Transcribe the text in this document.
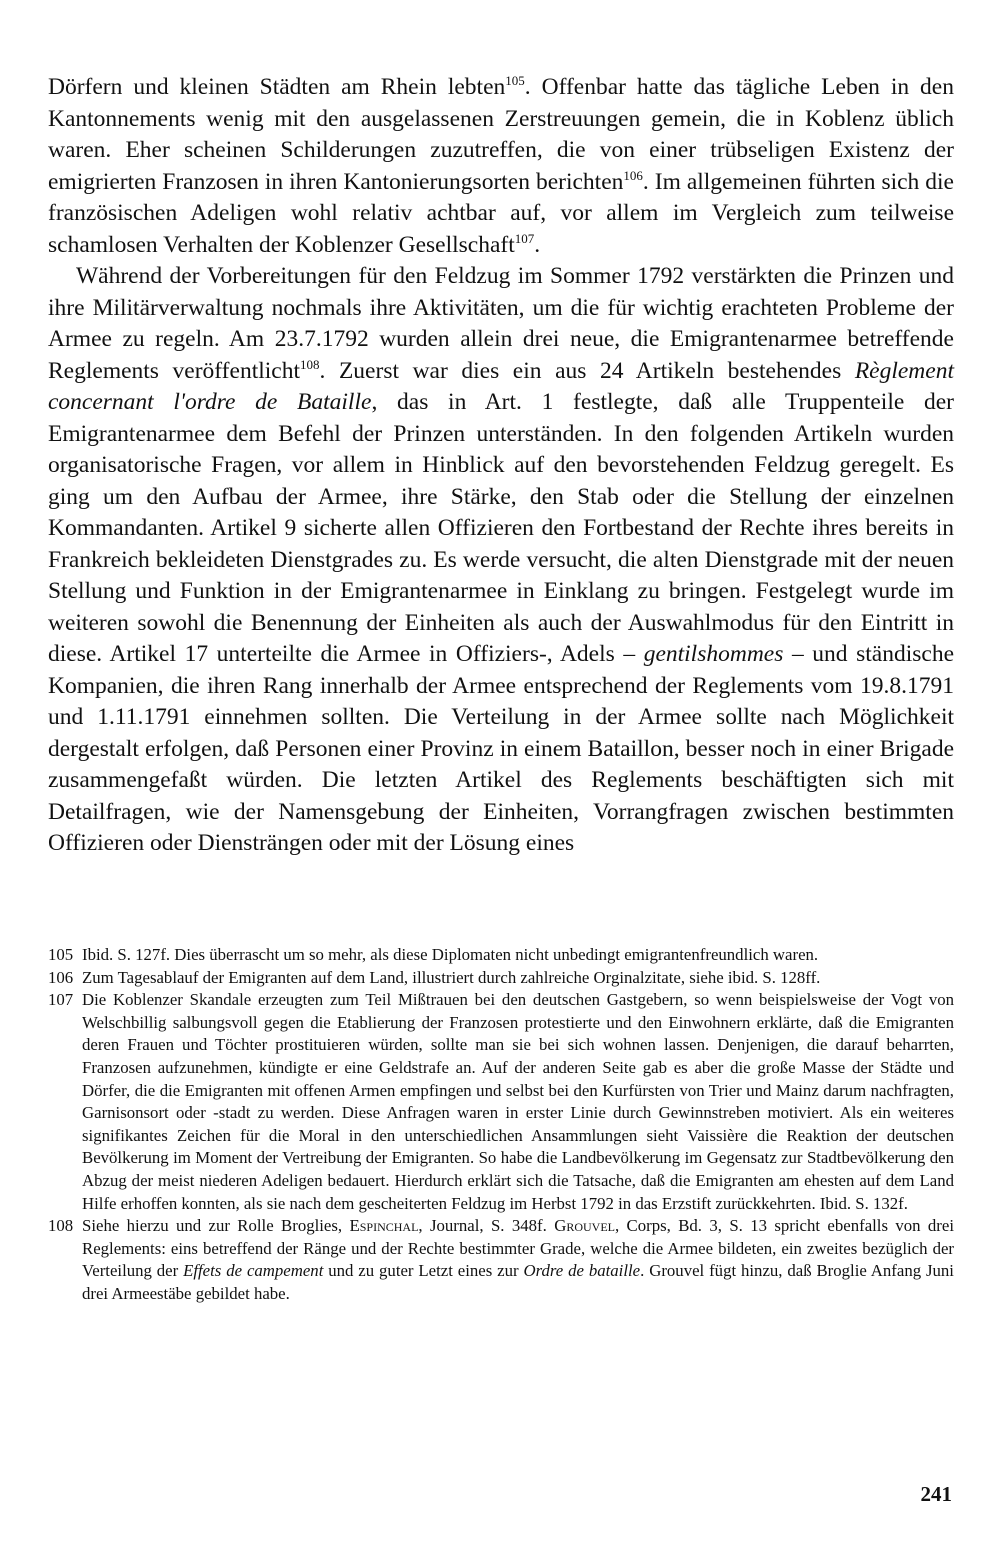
Dörfern und kleinen Städten am Rhein lebten$^{105}$. Offenbar hatte das tägliche Leben in den Kantonnements wenig mit den ausgelassenen Zerstreuungen gemein, die in Koblenz üblich waren. Eher scheinen Schilderungen zuzutreffen, die von einer trübseligen Existenz der emigrierten Franzosen in ihren Kantonierungsorten berichten$^{106}$. Im allgemeinen führten sich die französischen Adeligen wohl relativ achtbar auf, vor allem im Vergleich zum teilweise schamlosen Verhalten der Koblenzer Gesellschaft$^{107}$.

Während der Vorbereitungen für den Feldzug im Sommer 1792 verstärkten die Prinzen und ihre Militärverwaltung nochmals ihre Aktivitäten, um die für wichtig erachteten Probleme der Armee zu regeln. Am 23.7.1792 wurden allein drei neue, die Emigrantenarmee betreffende Reglements veröffentlicht$^{108}$. Zuerst war dies ein aus 24 Artikeln bestehendes Règlement concernant l'ordre de Bataille, das in Art. 1 festlegte, daß alle Truppenteile der Emigrantenarmee dem Befehl der Prinzen unterständen. In den folgenden Artikeln wurden organisatorische Fragen, vor allem in Hinblick auf den bevorstehenden Feldzug geregelt. Es ging um den Aufbau der Armee, ihre Stärke, den Stab oder die Stellung der einzelnen Kommandanten. Artikel 9 sicherte allen Offizieren den Fortbestand der Rechte ihres bereits in Frankreich bekleideten Dienstgrades zu. Es werde versucht, die alten Dienstgrade mit der neuen Stellung und Funktion in der Emigrantenarmee in Einklang zu bringen. Festgelegt wurde im weiteren sowohl die Benennung der Einheiten als auch der Auswahlmodus für den Eintritt in diese. Artikel 17 unterteilte die Armee in Offiziers-, Adels – gentilshommes – und ständische Kompanien, die ihren Rang innerhalb der Armee entsprechend der Reglements vom 19.8.1791 und 1.11.1791 einnehmen sollten. Die Verteilung in der Armee sollte nach Möglichkeit dergestalt erfolgen, daß Personen einer Provinz in einem Bataillon, besser noch in einer Brigade zusammengefaßt würden. Die letzten Artikel des Reglements beschäftigten sich mit Detailfragen, wie der Namensgebung der Einheiten, Vorrangfragen zwischen bestimmten Offizieren oder Diensträngen oder mit der Lösung eines

105 Ibid. S. 127f. Dies überrascht um so mehr, als diese Diplomaten nicht unbedingt emigrantenfreundlich waren.
106 Zum Tagesablauf der Emigranten auf dem Land, illustriert durch zahlreiche Orginalzitate, siehe ibid. S. 128ff.
107 Die Koblenzer Skandale erzeugten zum Teil Mißtrauen bei den deutschen Gastgebern, so wenn beispielsweise der Vogt von Welschbillig salbungsvoll gegen die Etablierung der Franzosen protestierte und den Einwohnern erklärte, daß die Emigranten deren Frauen und Töchter prostituieren würden, sollte man sie bei sich wohnen lassen. Denjenigen, die darauf beharrten, Franzosen aufzunehmen, kündigte er eine Geldstrafe an. Auf der anderen Seite gab es aber die große Masse der Städte und Dörfer, die die Emigranten mit offenen Armen empfingen und selbst bei den Kurfürsten von Trier und Mainz darum nachfragten, Garnisonsort oder -stadt zu werden. Diese Anfragen waren in erster Linie durch Gewinnstreben motiviert. Als ein weiteres signifikantes Zeichen für die Moral in den unterschiedlichen Ansammlungen sieht Vaissière die Reaktion der deutschen Bevölkerung im Moment der Vertreibung der Emigranten. So habe die Landbevölkerung im Gegensatz zur Stadtbevölkerung den Abzug der meist niederen Adeligen bedauert. Hierdurch erklärt sich die Tatsache, daß die Emigranten am ehesten auf dem Land Hilfe erhoffen konnten, als sie nach dem gescheiterten Feldzug im Herbst 1792 in das Erzstift zurückkehrten. Ibid. S. 132f.
108 Siehe hierzu und zur Rolle Broglies, Espinchal, Journal, S. 348f. Grouvel, Corps, Bd. 3, S. 13 spricht ebenfalls von drei Reglements: eins betreffend der Ränge und der Rechte bestimmter Grade, welche die Armee bildeten, ein zweites bezüglich der Verteilung der Effets de campement und zu guter Letzt eines zur Ordre de bataille. Grouvel fügt hinzu, daß Broglie Anfang Juni drei Armeestäbe gebildet habe.
241
